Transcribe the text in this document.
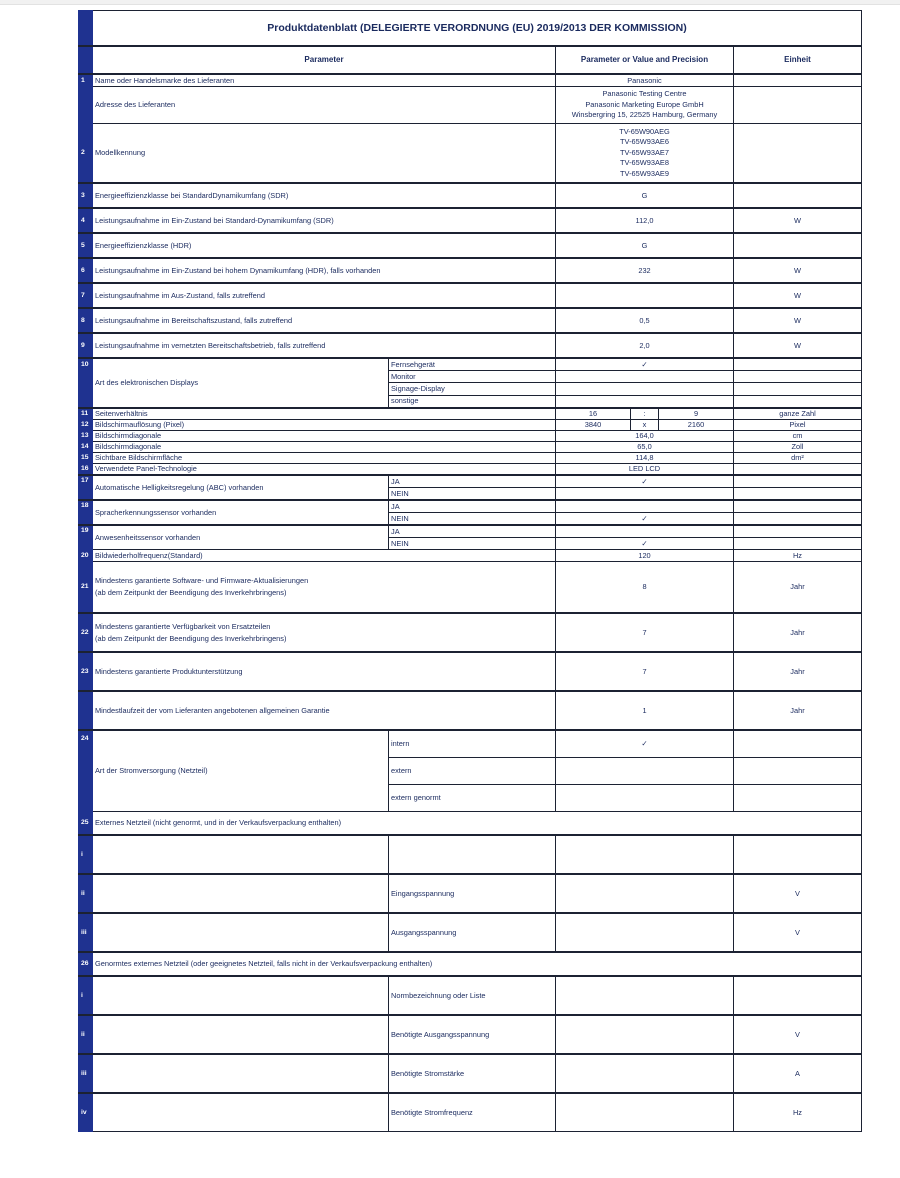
	Produktdatenblatt (DELEGIERTE VERORDNUNG (EU) 2019/2013 DER KOMMISSION)					
	Parameter		Parameter or Value and Precision			Einheit
1	Name oder Handelsmarke des Lieferanten		Panasonic			
	Adresse des Lieferanten		Panasonic Testing Centre
Panasonic Marketing Europe GmbH
Winsbergring 15, 22525 Hamburg, Germany			

2	Modellkennung		TV-65W90AEG
TV-65W93AE6
TV-65W93AE7
TV-65W93AE8
TV-65W93AE9			

3	Energieeffizienzklasse bei StandardDynamikumfang (SDR)		G			
4	Leistungsaufnahme im Ein-Zustand bei Standard-Dynamikumfang (SDR)		112,0			W
5	Energieeffizienzklasse (HDR)		G			
6	Leistungsaufnahme im Ein-Zustand bei hohem Dynamikumfang (HDR), falls vorhanden		232			W
7	Leistungsaufnahme im Aus-Zustand, falls zutreffend					W
8	Leistungsaufnahme im Bereitschaftszustand, falls zutreffend		0,5			W
9	Leistungsaufnahme im vernetzten Bereitschaftsbetrieb, falls zutreffend		2,0			W
10	Art des elektronischen Displays	Fernsehgerät	✓			
		Monitor				
		Signage-Display				
		sonstige				
11	Seitenverhältnis		16	:	9	ganze Zahl
12	Bildschirmauflösung (Pixel)		3840	x	2160	Pixel
13	Bildschirmdiagonale		164,0			cm
14	Bildschirmdiagonale		65,0			Zoll
15	Sichtbare Bildschirmfläche		114,8			dm²
16	Verwendete Panel-Technologie		LED LCD			
17	Automatische Helligkeitsregelung (ABC) vorhanden	JA	✓			
		NEIN				
18	Spracherkennungssensor vorhanden	JA				
		NEIN	✓			
19	Anwesenheitssensor vorhanden	JA				
		NEIN	✓			
20	Bildwiederholfrequenz(Standard)		120			Hz
21	Mindestens garantierte Software- und Firmware-Aktualisierungen
(ab dem Zeitpunkt der Beendigung des Inverkehrbringens)		8			Jahr
22	Mindestens garantierte Verfügbarkeit von Ersatzteilen
(ab dem Zeitpunkt der Beendigung des Inverkehrbringens)		7			Jahr
23	Mindestens garantierte Produktunterstützung		7			Jahr
	Mindestlaufzeit der vom Lieferanten angebotenen allgemeinen Garantie		1			Jahr
24	Art der Stromversorgung (Netzteil)	intern	✓			
		extern				
		extern genormt				
25	Externes Netzteil (nicht genormt, und in der Verkaufsverpackung enthalten)					
i						
ii		Eingangsspannung				V
iii		Ausgangsspannung				V
26	Genormtes externes Netzteil (oder geeignetes Netzteil, falls nicht in der Verkaufsverpackung enthalten)					
i		Normbezeichnung oder Liste				
ii		Benötigte Ausgangsspannung				V
iii		Benötigte Stromstärke				A
iv		Benötigte Stromfrequenz				Hz
